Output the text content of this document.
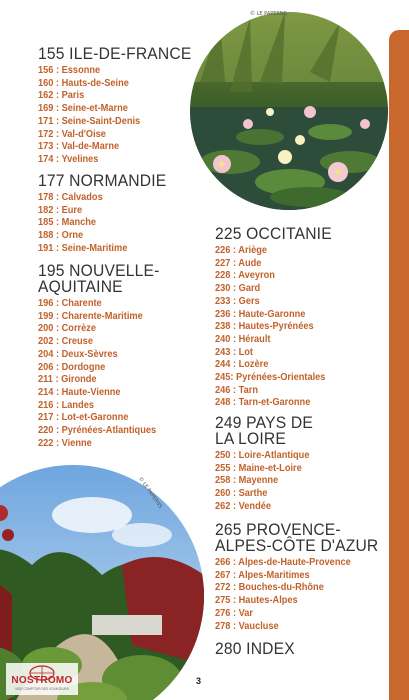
© LE PAPERNS
© LE PAPERNS
155 ILE-DE-FRANCE
156 : Essonne
160 : Hauts-de-Seine
162 : Paris
169 : Seine-et-Marne
171 : Seine-Saint-Denis
172 : Val-d'Oise
173 : Val-de-Marne
174 : Yvelines
177 NORMANDIE
178 : Calvados
182 : Eure
185 : Manche
188 : Orne
191 : Seine-Maritime
195 NOUVELLE-
AQUITAINE
196 : Charente
199 : Charente-Maritime
200 : Corrèze
202 : Creuse
204 : Deux-Sèvres
206 : Dordogne
211 : Gironde
214 : Haute-Vienne
216 : Landes
217 : Lot-et-Garonne
220 : Pyrénées-Atlantiques
222 : Vienne
225 OCCITANIE
226 : Ariège
227 : Aude
228 : Aveyron
230 : Gard
233 : Gers
236 : Haute-Garonne
238 : Hautes-Pyrénées
240 : Hérault
243 : Lot
244 : Lozère
245: Pyrénées-Orientales
246 : Tarn
248 : Tarn-et-Garonne
249 PAYS DE
LA LOIRE
250 : Loire-Atlantique
255 : Maine-et-Loire
258 : Mayenne
260 : Sarthe
262 : Vendée
265 PROVENCE-
ALPES-CÔTE D'AZUR
266 : Alpes-de-Haute-Provence
267 : Alpes-Maritimes
272 : Bouches-du-Rhône
275 : Hautes-Alpes
276 : Var
278 : Vaucluse
280 INDEX
3
NOSTROMO
VIDE COMPTOIR DES VOYAGEURS
